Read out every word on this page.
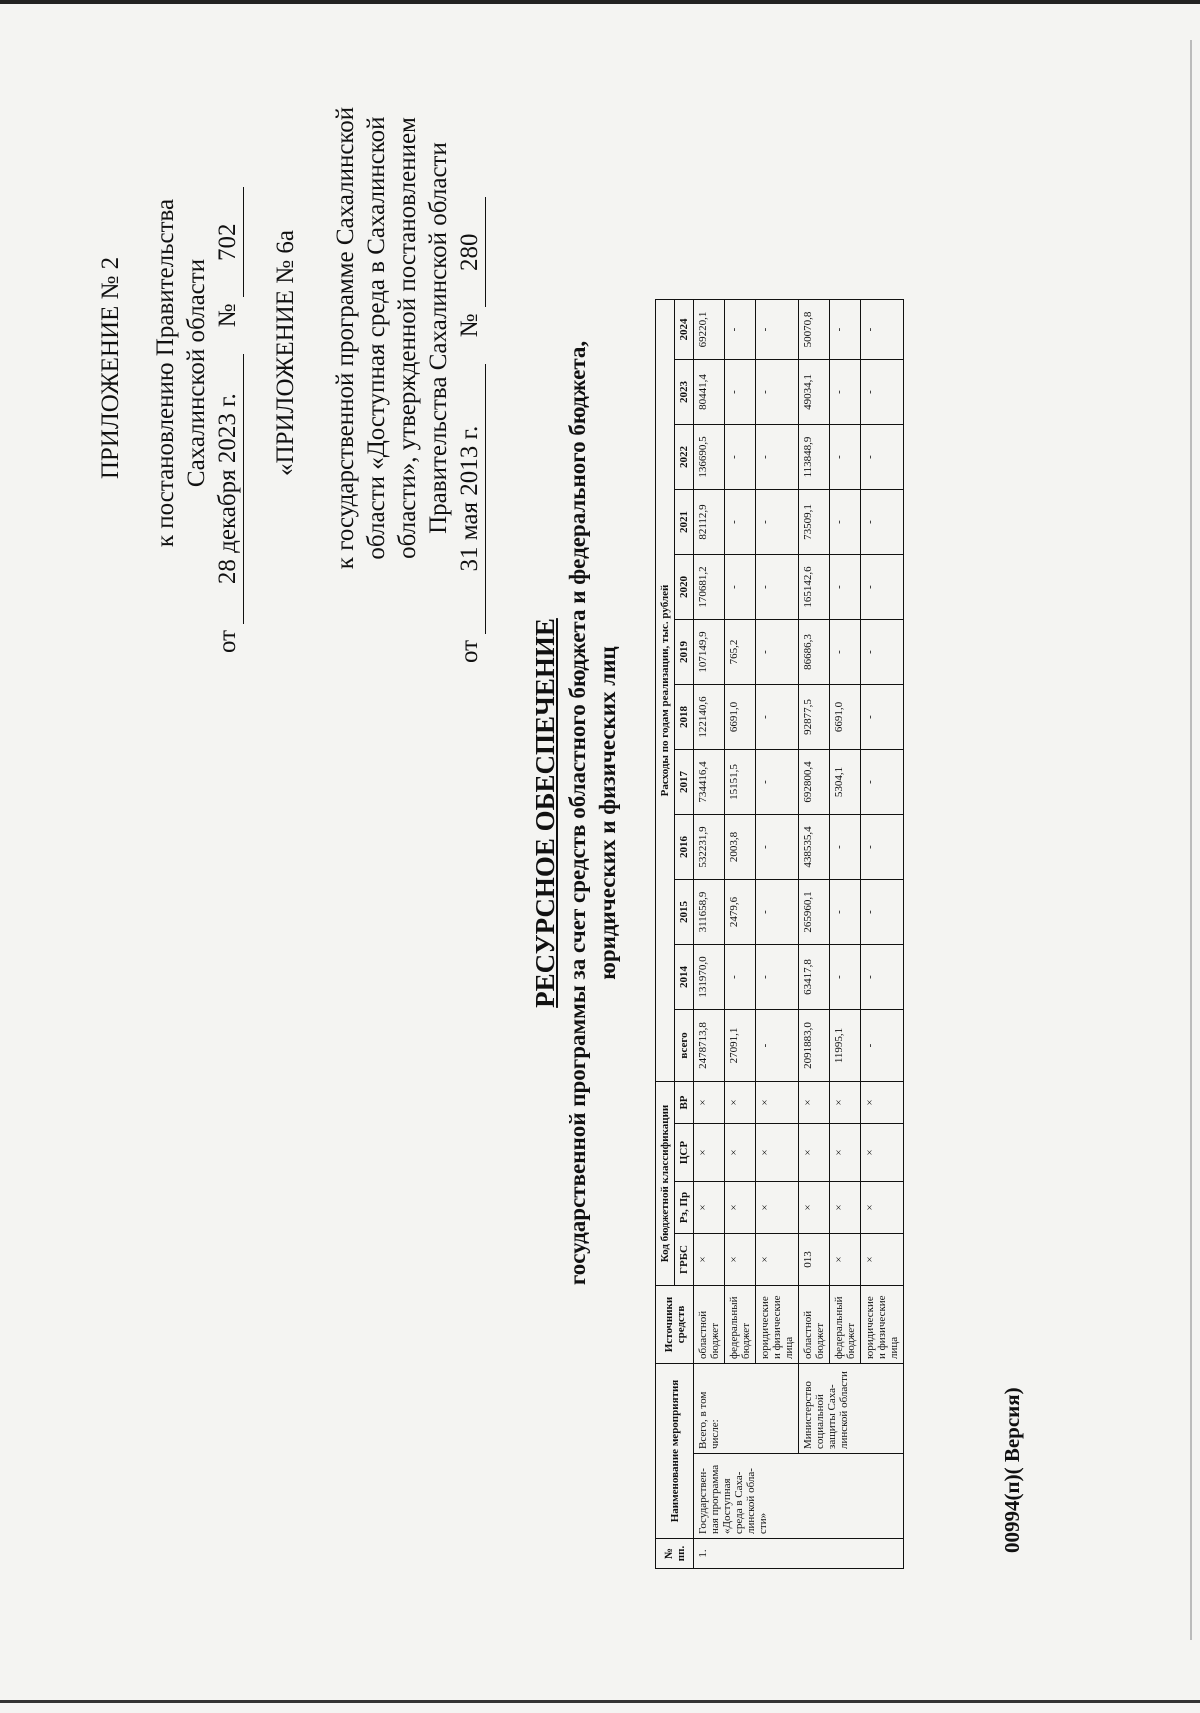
ПРИЛОЖЕНИЕ № 2 к постановлению Правительства Сахалинской области
от 28 декабря 2023 г. № 702 «ПРИЛОЖЕНИЕ № 6а к государственной программе Сахалинской области «Доступная среда в Сахалинской области», утвержденной постановлением Правительства Сахалинской области
от 31 мая 2013 г. № 280
РЕСУРСНОЕ ОБЕСПЕЧЕНИЕ государственной программы за счет средств областного бюджета и федерального бюджета, юридических и физических лиц
№ пп.	Наименование мероприятия		Источники средств	Код бюджетной классификации				Расходы по годам реализации, тыс. рублей											
				ГРБС	Рз, Пр	ЦСР	ВР	всего	2014	2015	2016	2017	2018	2019	2020	2021	2022	2023	2024
1.	Государствен-ная программа «Доступная среда в Саха-линской обла-сти»	Всего, в том числе:	областной бюджет	×	×	×	×	2478713,8	131970,0	311658,9	532231,9	734416,4	122140,6	107149,9	170681,2	82112,9	136690,5	80441,4	69220,1
			федеральный бюджет	×	×	×	×	27091,1	-	2479,6	2003,8	15151,5	6691,0	765,2	-	-	-	-	-
			юридические и физические лица	×	×	×	×	-	-	-	-	-	-	-	-	-	-	-	-
		Министерство социальной защиты Саха-линской области	областной бюджет	013	×	×	×	2091883,0	63417,8	265960,1	438535,4	692800,4	92877,5	86686,3	165142,6	73509,1	113848,9	49034,1	50070,8
			федеральный бюджет	×	×	×	×	11995,1	-	-	-	5304,1	6691,0	-	-	-	-	-	-
			юридические и физические лица	×	×	×	×	-	-	-	-	-	-	-	-	-	-	-	-
00994(п)( Версия)
